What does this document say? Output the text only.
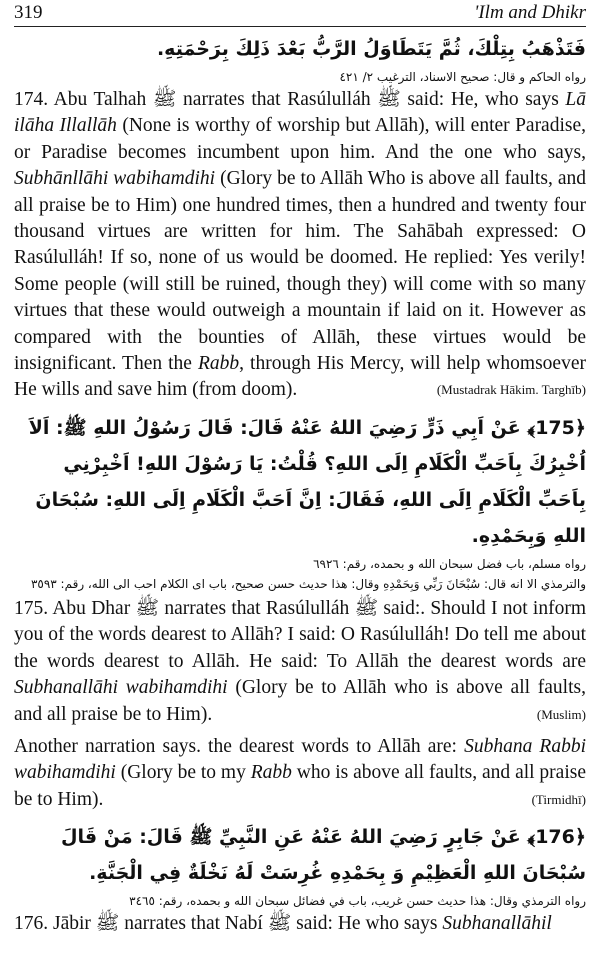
319	'Ilm and Dhikr
فَتَذْهَبُ بِتِلْكَ، ثُمَّ يَتَطَاوَلُ الرَّبُّ بَعْدَ ذَلِكَ بِرَحْمَتِهِ.
رواه الحاكم و قال: صحيح الاسناد، الترغيب ٢/ ٤٢١

174. Abu Talhah ﷺ narrates that Rasúlulláh ﷺ said: He, who says Lā ilāha Illallāh (None is worthy of worship but Allāh), will enter Paradise, or Paradise becomes incumbent upon him. And the one who says, Subhānllāhi wabihamdihi (Glory be to Allāh Who is above all faults, and all praise be to Him) one hundred times, then a hundred and twenty four thousand virtues are written for him. The Sahābah expressed: O Rasúlulláh! If so, none of us would be doomed. He replied: Yes verily! Some people (will still be ruined, though they) will come with so many virtues that these would outweigh a mountain if laid on it. However as compared with the bounties of Allāh, these virtues would be insignificant. Then the Rabb, through His Mercy, will help whomsoever He wills and save him (from doom).	(Mustadrak Hākim. Targhīb)

﴿175﴾ عَنْ اَبِي ذَرٍّ رَضِيَ اللهُ عَنْهُ قَالَ: قَالَ رَسُوْلُ اللهِ ﷺ: اَلاَ اُخْبِرُكَ بِاَحَبِّ الْكَلَامِ اِلَى اللهِ؟ قُلْتُ: يَا رَسُوْلَ اللهِ! اَخْبِرْنِي بِاَحَبِّ الْكَلَامِ اِلَى اللهِ، فَقَالَ: اِنَّ اَحَبَّ الْكَلَامِ اِلَى اللهِ: سُبْحَانَ اللهِ وَبِحَمْدِهِ.
رواه مسلم، باب فضل سبحان الله و بحمده، رقم: ٦٩٢٦
والترمذي الا انه قال: سُبْحَانَ رَبِّي وَبِحَمْدِهِ وقال: هذا حديث حسن صحيح، باب اى الكلام احب الى الله، رقم: ٣٥٩٣

175. Abu Dhar ﷺ narrates that Rasúlulláh ﷺ said:. Should I not inform you of the words dearest to Allāh? I said: O Rasúlulláh! Do tell me about the words dearest to Allāh. He said: To Allāh the dearest words are Subhanallāhi wabihamdihi (Glory be to Allāh who is above all faults, and all praise be to Him).	(Muslim)

Another narration says. the dearest words to Allāh are: Subhana Rabbi wabihamdihi (Glory be to my Rabb who is above all faults, and all praise be to Him).	(Tirmidhī)

﴿176﴾ عَنْ جَابِرٍ رَضِيَ اللهُ عَنْهُ عَنِ النَّبِيِّ ﷺ قَالَ: مَنْ قَالَ سُبْحَانَ اللهِ الْعَظِيْمِ وَ بِحَمْدِهِ غُرِسَتْ لَهُ نَخْلَةٌ فِي الْجَنَّةِ.
رواه الترمذي وقال: هذا حديث حسن غريب، باب في فضائل سبحان الله و بحمده، رقم: ٣٤٦٥

176. Jābir ﷺ narrates that Nabí ﷺ said: He who says Subhanallāhil
